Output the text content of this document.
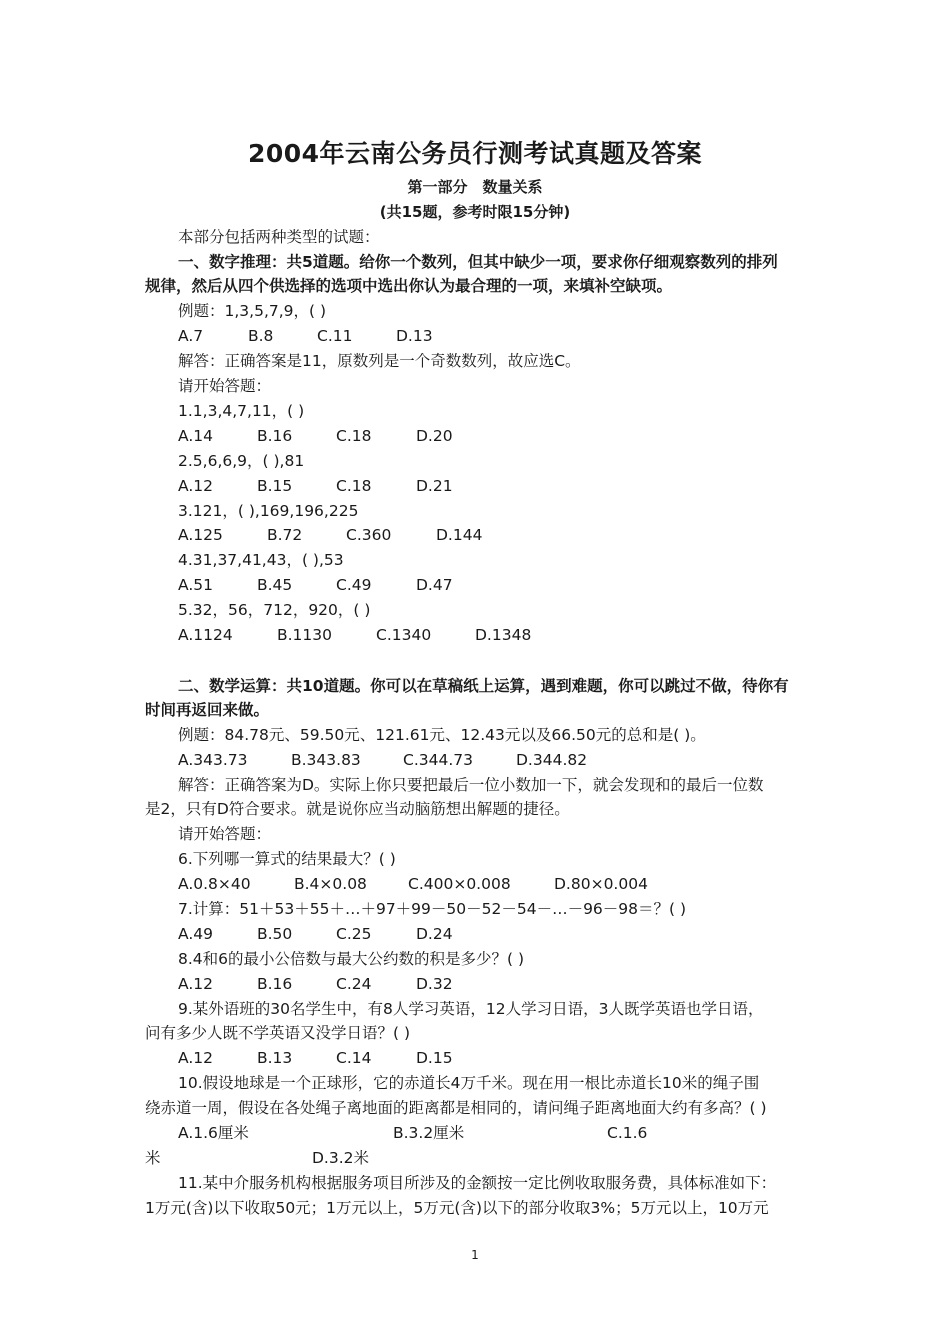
2004年云南公务员行测考试真题及答案
第一部分　数量关系
(共15题，参考时限15分钟)
本部分包括两种类型的试题：
一、数字推理：共5道题。给你一个数列，但其中缺少一项，要求你仔细观察数列的排列
规律，然后从四个供选择的选项中选出你认为最合理的一项，来填补空缺项。
例题：1,3,5,7,9，( )
A.7	B.8	C.11	D.13
解答：正确答案是11，原数列是一个奇数数列，故应选C。
请开始答题：
1.1,3,4,7,11，( )
A.14	B.16	C.18	D.20
2.5,6,6,9，( ),81
A.12	B.15	C.18	D.21
3.121，( ),169,196,225
A.125	B.72	C.360	D.144
4.31,37,41,43，( ),53
A.51	B.45	C.49	D.47
5.32，56，712，920，( )
A.1124	B.1130	C.1340	D.1348
二、数学运算：共10道题。你可以在草稿纸上运算，遇到难题，你可以跳过不做，待你有
时间再返回来做。
例题：84.78元、59.50元、121.61元、12.43元以及66.50元的总和是( )。
A.343.73	B.343.83	C.344.73	D.344.82
解答：正确答案为D。实际上你只要把最后一位小数加一下，就会发现和的最后一位数
是2，只有D符合要求。就是说你应当动脑筋想出解题的捷径。
请开始答题：
6.下列哪一算式的结果最大？( )
A.0.8×40	B.4×0.08	C.400×0.008	D.80×0.004
7.计算：51＋53＋55＋…＋97＋99－50－52－54－…－96－98＝？( )
A.49	B.50	C.25	D.24
8.4和6的最小公倍数与最大公约数的积是多少？( )
A.12	B.16	C.24	D.32
9.某外语班的30名学生中，有8人学习英语，12人学习日语，3人既学英语也学日语，
问有多少人既不学英语又没学日语？( )
A.12	B.13	C.14	D.15
10.假设地球是一个正球形，它的赤道长4万千米。现在用一根比赤道长10米的绳子围
绕赤道一周，假设在各处绳子离地面的距离都是相同的，请问绳子距离地面大约有多高？( )
A.1.6厘米	B.3.2厘米	C.1.6
米	D.3.2米
11.某中介服务机构根据服务项目所涉及的金额按一定比例收取服务费，具体标准如下：
1万元(含)以下收取50元；1万元以上，5万元(含)以下的部分收取3%；5万元以上，10万元
1
